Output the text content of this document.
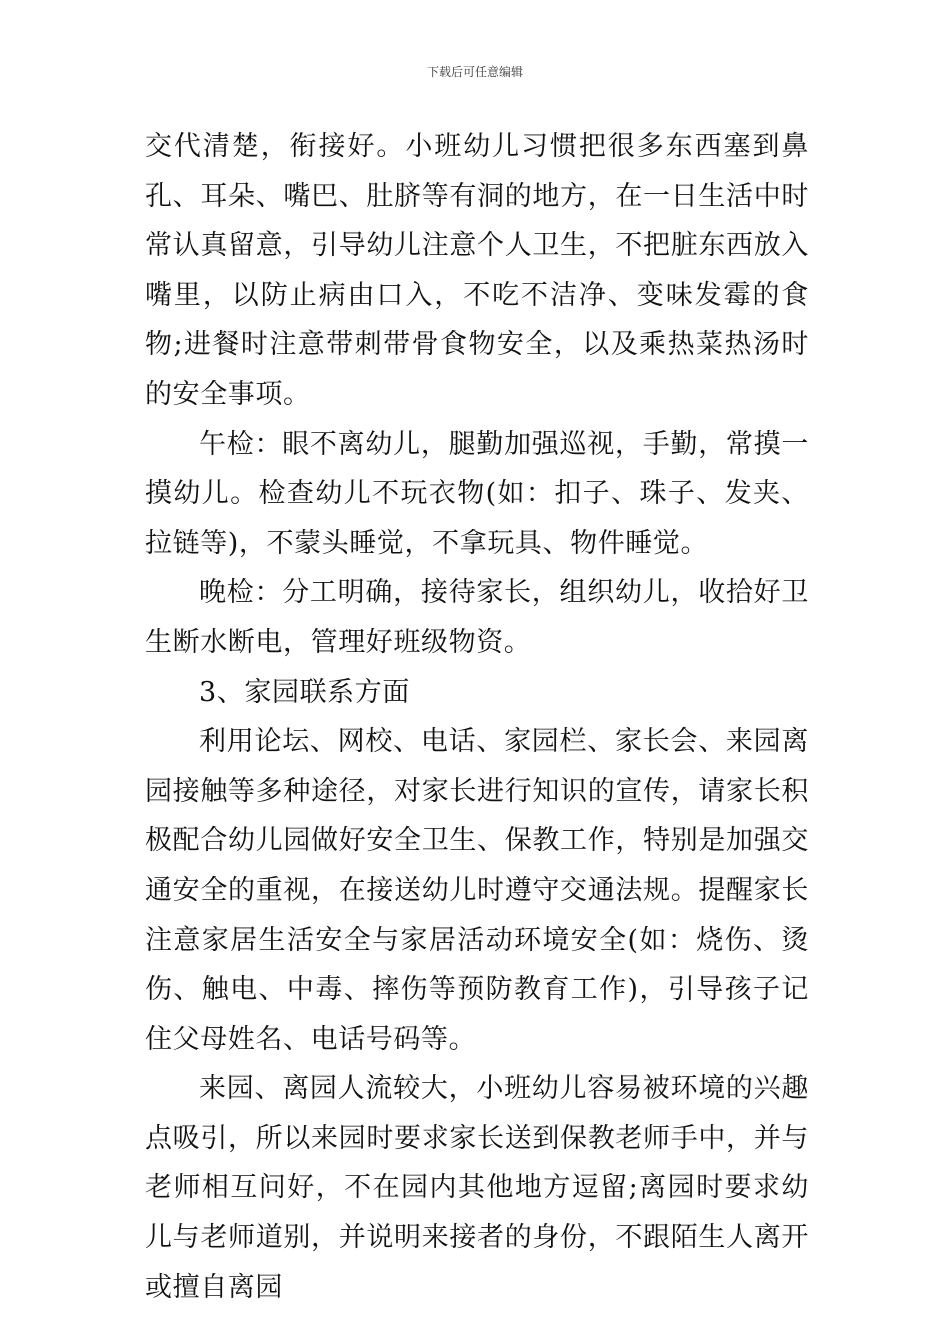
下载后可任意编辑

交代清楚，衔接好。小班幼儿习惯把很多东西塞到鼻孔、耳朵、嘴巴、肚脐等有洞的地方，在一日生活中时常认真留意，引导幼儿注意个人卫生，不把脏东西放入嘴里，以防止病由口入，不吃不洁净、变味发霉的食物;进餐时注意带刺带骨食物安全，以及乘热菜热汤时的安全事项。

午检：眼不离幼儿，腿勤加强巡视，手勤，常摸一摸幼儿。检查幼儿不玩衣物(如：扣子、珠子、发夹、拉链等)，不蒙头睡觉，不拿玩具、物件睡觉。

晚检：分工明确，接待家长，组织幼儿，收拾好卫生断水断电，管理好班级物资。

3、家园联系方面

利用论坛、网校、电话、家园栏、家长会、来园离园接触等多种途径，对家长进行知识的宣传，请家长积极配合幼儿园做好安全卫生、保教工作，特别是加强交通安全的重视，在接送幼儿时遵守交通法规。提醒家长注意家居生活安全与家居活动环境安全(如：烧伤、烫伤、触电、中毒、摔伤等预防教育工作)，引导孩子记住父母姓名、电话号码等。

来园、离园人流较大，小班幼儿容易被环境的兴趣点吸引，所以来园时要求家长送到保教老师手中，并与老师相互问好，不在园内其他地方逗留;离园时要求幼儿与老师道别，并说明来接者的身份，不跟陌生人离开或擅自离园
